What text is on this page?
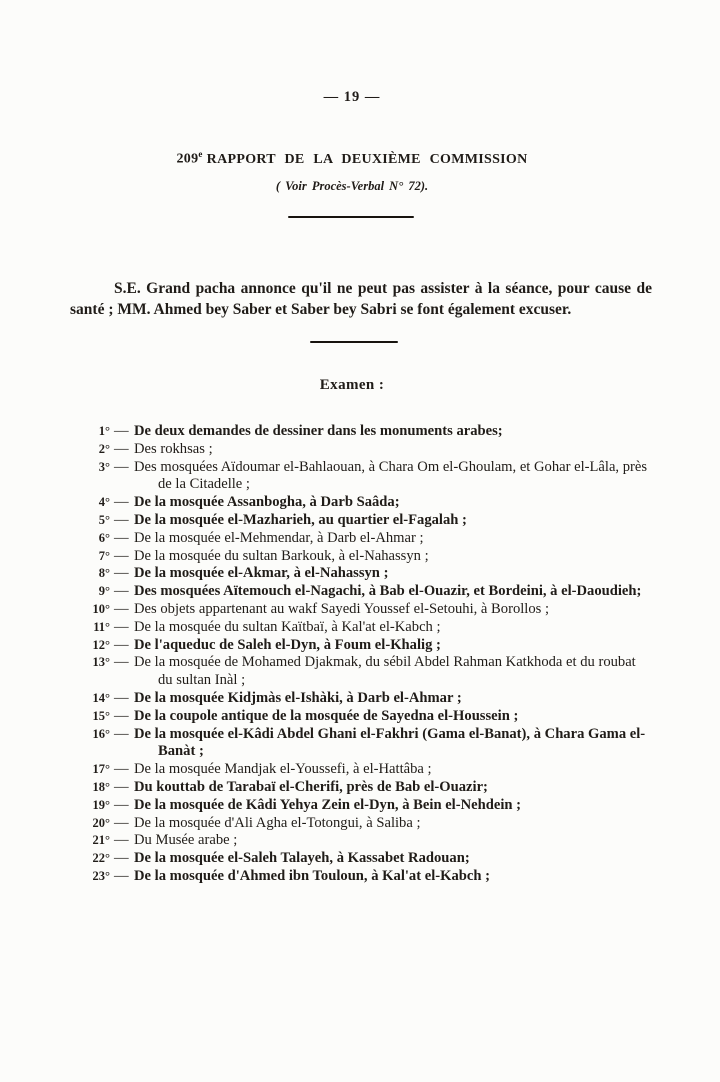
— 19 —
209e RAPPORT DE LA DEUXIÈME COMMISSION
( Voir Procès-Verbal N° 72).

S.E. Grand pacha annonce qu'il ne peut pas assister à la séance, pour cause de santé ; MM. Ahmed bey Saber et Saber bey Sabri se font également excuser.

Examen :
1° — De deux demandes de dessiner dans les monuments arabes;
2° — Des rokhsas ;
3° — Des mosquées Aïdoumar el-Bahlaouan, à Chara Om el-Ghoulam, et Gohar el-Lâla, près de la Citadelle ;
4° — De la mosquée Assanbogha, à Darb Saâda;
5° — De la mosquée el-Mazharieh, au quartier el-Fagalah ;
6° — De la mosquée el-Mehmendar, à Darb el-Ahmar ;
7° — De la mosquée du sultan Barkouk, à el-Nahassyn ;
8° — De la mosquée el-Akmar, à el-Nahassyn ;
9° — Des mosquées Aïtemouch el-Nagachi, à Bab el-Ouazir, et Bordeini, à el-Daoudieh;
10° — Des objets appartenant au wakf Sayedi Youssef el-Setouhi, à Borollos ;
11° — De la mosquée du sultan Kaïtbaï, à Kal'at el-Kabch ;
12° — De l'aqueduc de Saleh el-Dyn, à Foum el-Khalig ;
13° — De la mosquée de Mohamed Djakmak, du sébil Abdel Rahman Katkhoda et du roubat du sultan Inàl ;
14° — De la mosquée Kidjmàs el-Ishàki, à Darb el-Ahmar ;
15° — De la coupole antique de la mosquée de Sayedna el-Houssein ;
16° — De la mosquée el-Kâdi Abdel Ghani el-Fakhri (Gama el-Banat), à Chara Gama el-Banàt ;
17° — De la mosquée Mandjak el-Youssefi, à el-Hattâba ;
18° — Du kouttab de Tarabaï el-Cherifi, près de Bab el-Ouazir;
19° — De la mosquée de Kâdi Yehya Zein el-Dyn, à Bein el-Nehdein ;
20° — De la mosquée d'Ali Agha el-Totongui, à Saliba ;
21° — Du Musée arabe ;
22° — De la mosquée el-Saleh Talayeh, à Kassabet Radouan;
23° — De la mosquée d'Ahmed ibn Touloun, à Kal'at el-Kabch ;
